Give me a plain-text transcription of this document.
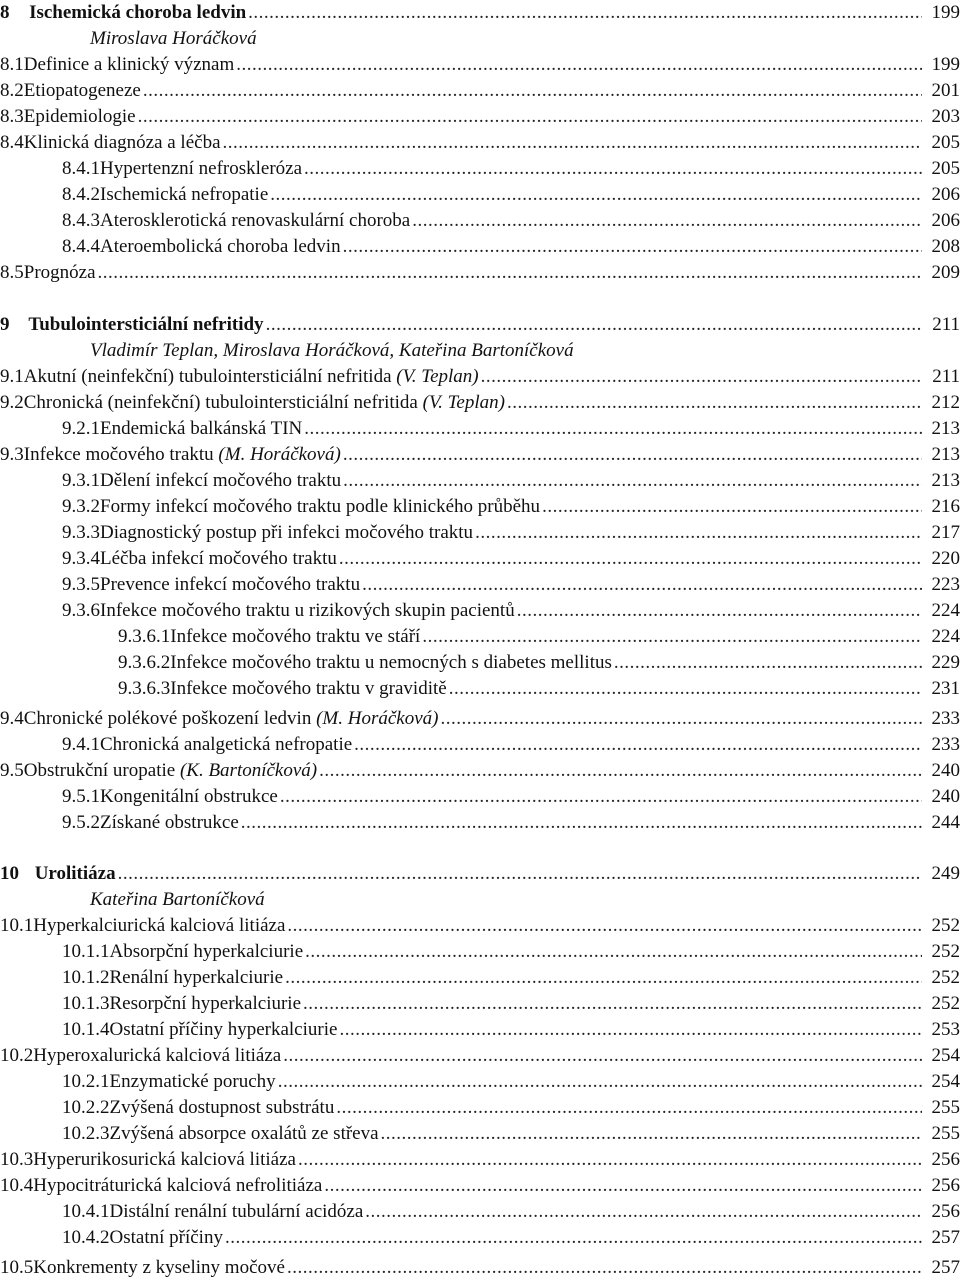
8	Ischemická choroba ledvin .....	199
Miroslava Horáčková
8.1 Definice a klinický význam .....	199
8.2 Etiopatogeneze .....	201
8.3 Epidemiologie .....	203
8.4 Klinická diagnóza a léčba .....	205
8.4.1 Hypertenzní nefroskleróza .....	205
8.4.2 Ischemická nefropatie .....	206
8.4.3 Aterosklerotická renovaskulární choroba .....	206
8.4.4 Ateroembolická choroba ledvin .....	208
8.5 Prognóza .....	209
9 Tubulointersticiální nefritidy .....	211
Vladimír Teplan, Miroslava Horáčková, Kateřina Bartoníčková
9.1 Akutní (neinfekční) tubulointersticiální nefritida (V. Teplan) .....	211
9.2 Chronická (neinfekční) tubulointersticiální nefritida (V. Teplan) .....	212
9.2.1 Endemická balkánská TIN .....	213
9.3 Infekce močového traktu (M. Horáčková) .....	213
9.3.1 Dělení infekcí močového traktu .....	213
9.3.2 Formy infekcí močového traktu podle klinického průběhu .....	216
9.3.3 Diagnostický postup při infekci močového traktu .....	217
9.3.4 Léčba infekcí močového traktu .....	220
9.3.5 Prevence infekcí močového traktu .....	223
9.3.6 Infekce močového traktu u rizikových skupin pacientů .....	224
9.3.6.1 Infekce močového traktu ve stáří .....	224
9.3.6.2 Infekce močového traktu u nemocných s diabetes mellitus .....	229
9.3.6.3 Infekce močového traktu v graviditě .....	231
9.4 Chronické polékové poškození ledvin (M. Horáčková) .....	233
9.4.1 Chronická analgetická nefropatie .....	233
9.5 Obstrukční uropatie (K. Bartoníčková) .....	240
9.5.1 Kongenitální obstrukce .....	240
9.5.2 Získané obstrukce .....	244
10 Urolitiáza .....	249
Kateřina Bartoníčková
10.1 Hyperkalciurická kalciová litiáza .....	252
10.1.1 Absorpční hyperkalciurie .....	252
10.1.2 Renální hyperkalciurie .....	252
10.1.3 Resorpční hyperkalciurie .....	252
10.1.4 Ostatní příčiny hyperkalciurie .....	253
10.2 Hyperoxalurická kalciová litiáza .....	254
10.2.1 Enzymatické poruchy .....	254
10.2.2 Zvýšená dostupnost substrátu .....	255
10.2.3 Zvýšená absorpce oxalátů ze střeva .....	255
10.3 Hyperurikosurická kalciová litiáza .....	256
10.4 Hypocitráturická kalciová nefrolitiáza .....	256
10.4.1 Distální renální tubulární acidóza .....	256
10.4.2 Ostatní příčiny .....	257
10.5 Konkrementy z kyseliny močové .....	257
